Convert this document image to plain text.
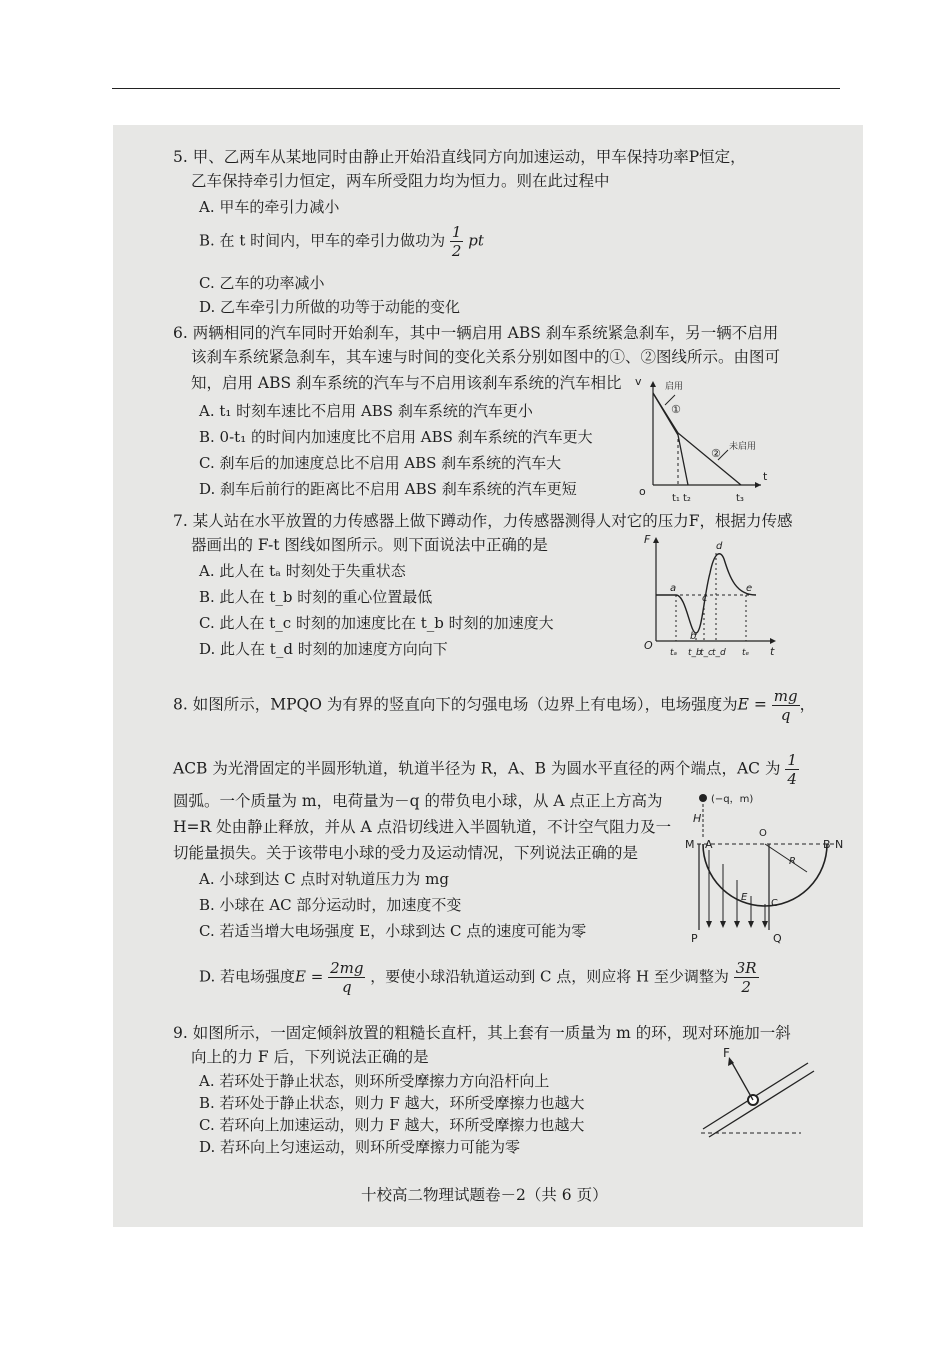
5. 甲、乙两车从某地同时由静止开始沿直线同方向加速运动，甲车保持功率P恒定，
乙车保持牵引力恒定，两车所受阻力均为恒力。则在此过程中
A. 甲车的牵引力减小
B. 在 t 时间内，甲车的牵引力做功为 $\frac{1}{2}$ pt
C. 乙车的功率减小
D. 乙车牵引力所做的功等于动能的变化
6. 两辆相同的汽车同时开始刹车，其中一辆启用 ABS 刹车系统紧急刹车，另一辆不启用
该刹车系统紧急刹车，其车速与时间的变化关系分别如图中的①、②图线所示。由图可
知，启用 ABS 刹车系统的汽车与不启用该刹车系统的汽车相比
A. t₁ 时刻车速比不启用 ABS 刹车系统的汽车更小
B. 0-t₁ 的时间内加速度比不启用 ABS 刹车系统的汽车更大
C. 刹车后的加速度总比不启用 ABS 刹车系统的汽车大
D. 刹车后前行的距离比不启用 ABS 刹车系统的汽车更短
v
t
o
启用
未启用
①
②
t₁ t₂	t₃
7. 某人站在水平放置的力传感器上做下蹲动作，力传感器测得人对它的压力F，根据力传感
器画出的 F-t 图线如图所示。则下面说法中正确的是
A. 此人在 tₐ 时刻处于失重状态
B. 此人在 t_b 时刻的重心位置最低
C. 此人在 t_c 时刻的加速度比在 t_b 时刻的加速度大
D. 此人在 t_d 时刻的加速度方向向下
F
O	t
a
b
c
d
e
tₐ t_b
t_c t_d tₑ
8. 如图所示，MPQO 为有界的竖直向下的匀强电场（边界上有电场），电场强度为$E = \frac{mg}{q}$ ，
ACB 为光滑固定的半圆形轨道，轨道半径为 R，A、B 为圆水平直径的两个端点，AC 为 $\frac{1}{4}$
圆弧。一个质量为 m，电荷量为－q 的带负电小球，从 A 点正上方高为
H=R 处由静止释放，并从 A 点沿切线进入半圆轨道，不计空气阻力及一
切能量损失。关于该带电小球的受力及运动情况，下列说法正确的是
A. 小球到达 C 点时对轨道压力为 mg
B. 小球在 AC 部分运动时，加速度不变
C. 若适当增大电场强度 E，小球到达 C 点的速度可能为零
D. 若电场强度$E = \frac{2mg}{q}$ ，要使小球沿轨道运动到 C 点，则应将 H 至少调整为 $\frac{3R}{2}$
(−q，m)
H
O
M A	B N
R
E
C
P	Q
9. 如图所示，一固定倾斜放置的粗糙长直杆，其上套有一质量为 m 的环，现对环施加一斜
向上的力 F 后，下列说法正确的是
A. 若环处于静止状态，则环所受摩擦力方向沿杆向上
B. 若环处于静止状态，则力 F 越大，环所受摩擦力也越大
C. 若环向上加速运动，则力 F 越大，环所受摩擦力也越大
D. 若环向上匀速运动，则环所受摩擦力可能为零
F
十校高二物理试题卷－2（共 6 页）
